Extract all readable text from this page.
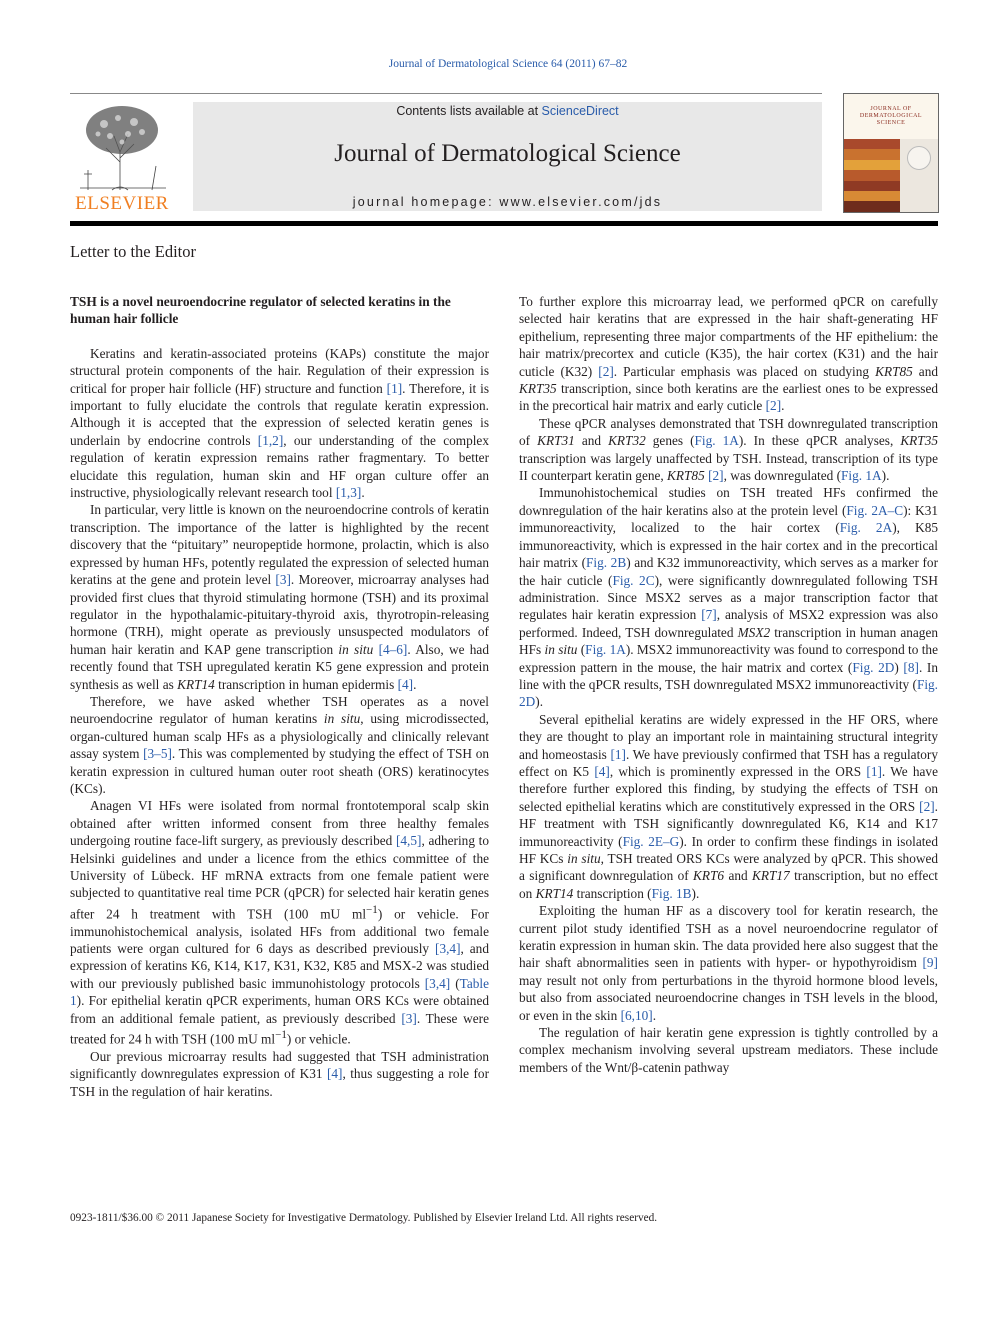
Journal of Dermatological Science 64 (2011) 67–82
ELSEVIER
Contents lists available at ScienceDirect
Journal of Dermatological Science
journal homepage: www.elsevier.com/jds
JOURNAL OF
DERMATOLOGICAL
SCIENCE
Letter to the Editor
TSH is a novel neuroendocrine regulator of selected keratins in the human hair follicle

Keratins and keratin-associated proteins (KAPs) constitute the major structural protein components of the hair. Regulation of their expression is critical for proper hair follicle (HF) structure and function [1]. Therefore, it is important to fully elucidate the controls that regulate keratin expression. Although it is accepted that the expression of selected keratin genes is underlain by endocrine controls [1,2], our understanding of the complex regulation of keratin expression remains rather fragmentary. To better elucidate this regulation, human skin and HF organ culture offer an instructive, physiologically relevant research tool [1,3].

In particular, very little is known on the neuroendocrine controls of keratin transcription. The importance of the latter is highlighted by the recent discovery that the “pituitary” neuropeptide hormone, prolactin, which is also expressed by human HFs, potently regulated the expression of selected human keratins at the gene and protein level [3]. Moreover, microarray analyses had provided first clues that thyroid stimulating hormone (TSH) and its proximal regulator in the hypothalamic-pituitary-thyroid axis, thyrotropin-releasing hormone (TRH), might operate as previously unsuspected modulators of human hair keratin and KAP gene transcription in situ [4–6]. Also, we had recently found that TSH upregulated keratin K5 gene expression and protein synthesis as well as KRT14 transcription in human epidermis [4].

Therefore, we have asked whether TSH operates as a novel neuroendocrine regulator of human keratins in situ, using microdissected, organ-cultured human scalp HFs as a physiologically and clinically relevant assay system [3–5]. This was complemented by studying the effect of TSH on keratin expression in cultured human outer root sheath (ORS) keratinocytes (KCs).

Anagen VI HFs were isolated from normal frontotemporal scalp skin obtained after written informed consent from three healthy females undergoing routine face-lift surgery, as previously described [4,5], adhering to Helsinki guidelines and under a licence from the ethics committee of the University of Lübeck. HF mRNA extracts from one female patient were subjected to quantitative real time PCR (qPCR) for selected hair keratin genes after 24 h treatment with TSH (100 mU $ml^{-1}$) or vehicle. For immunohistochemical analysis, isolated HFs from additional two female patients were organ cultured for 6 days as described previously [3,4], and expression of keratins K6, K14, K17, K31, K32, K85 and MSX-2 was studied with our previously published basic immunohistology protocols [3,4] (Table 1). For epithelial keratin qPCR experiments, human ORS KCs were obtained from an additional female patient, as previously described [3]. These were treated for 24 h with TSH (100 mU $ml^{-1}$) or vehicle.

Our previous microarray results had suggested that TSH administration significantly downregulates expression of K31 [4], thus suggesting a role for TSH in the regulation of hair keratins.

To further explore this microarray lead, we performed qPCR on carefully selected hair keratins that are expressed in the hair shaft-generating HF epithelium, representing three major compartments of the HF epithelium: the hair matrix/precortex and cuticle (K35), the hair cortex (K31) and the hair cuticle (K32) [2]. Particular emphasis was placed on studying KRT85 and KRT35 transcription, since both keratins are the earliest ones to be expressed in the precortical hair matrix and early cuticle [2].

These qPCR analyses demonstrated that TSH downregulated transcription of KRT31 and KRT32 genes (Fig. 1A). In these qPCR analyses, KRT35 transcription was largely unaffected by TSH. Instead, transcription of its type II counterpart keratin gene, KRT85 [2], was downregulated (Fig. 1A).

Immunohistochemical studies on TSH treated HFs confirmed the downregulation of the hair keratins also at the protein level (Fig. 2A–C): K31 immunoreactivity, localized to the hair cortex (Fig. 2A), K85 immunoreactivity, which is expressed in the hair cortex and in the precortical hair matrix (Fig. 2B) and K32 immunoreactivity, which serves as a marker for the hair cuticle (Fig. 2C), were significantly downregulated following TSH administration. Since MSX2 serves as a major transcription factor that regulates hair keratin expression [7], analysis of MSX2 expression was also performed. Indeed, TSH downregulated MSX2 transcription in human anagen HFs in situ (Fig. 1A). MSX2 immunoreactivity was found to correspond to the expression pattern in the mouse, the hair matrix and cortex (Fig. 2D) [8]. In line with the qPCR results, TSH downregulated MSX2 immunoreactivity (Fig. 2D).

Several epithelial keratins are widely expressed in the HF ORS, where they are thought to play an important role in maintaining structural integrity and homeostasis [1]. We have previously confirmed that TSH has a regulatory effect on K5 [4], which is prominently expressed in the ORS [1]. We have therefore further explored this finding, by studying the effects of TSH on selected epithelial keratins which are constitutively expressed in the ORS [2]. HF treatment with TSH significantly downregulated K6, K14 and K17 immunoreactivity (Fig. 2E–G). In order to confirm these findings in isolated HF KCs in situ, TSH treated ORS KCs were analyzed by qPCR. This showed a significant downregulation of KRT6 and KRT17 transcription, but no effect on KRT14 transcription (Fig. 1B).

Exploiting the human HF as a discovery tool for keratin research, the current pilot study identified TSH as a novel neuroendocrine regulator of keratin expression in human skin. The data provided here also suggest that the hair shaft abnormalities seen in patients with hyper- or hypothyroidism [9] may result not only from perturbations in the thyroid hormone blood levels, but also from associated neuroendocrine changes in TSH levels in the blood, or even in the skin [6,10].

The regulation of hair keratin gene expression is tightly controlled by a complex mechanism involving several upstream mediators. These include members of the Wnt/β-catenin pathway

0923-1811/$36.00 © 2011 Japanese Society for Investigative Dermatology. Published by Elsevier Ireland Ltd. All rights reserved.
